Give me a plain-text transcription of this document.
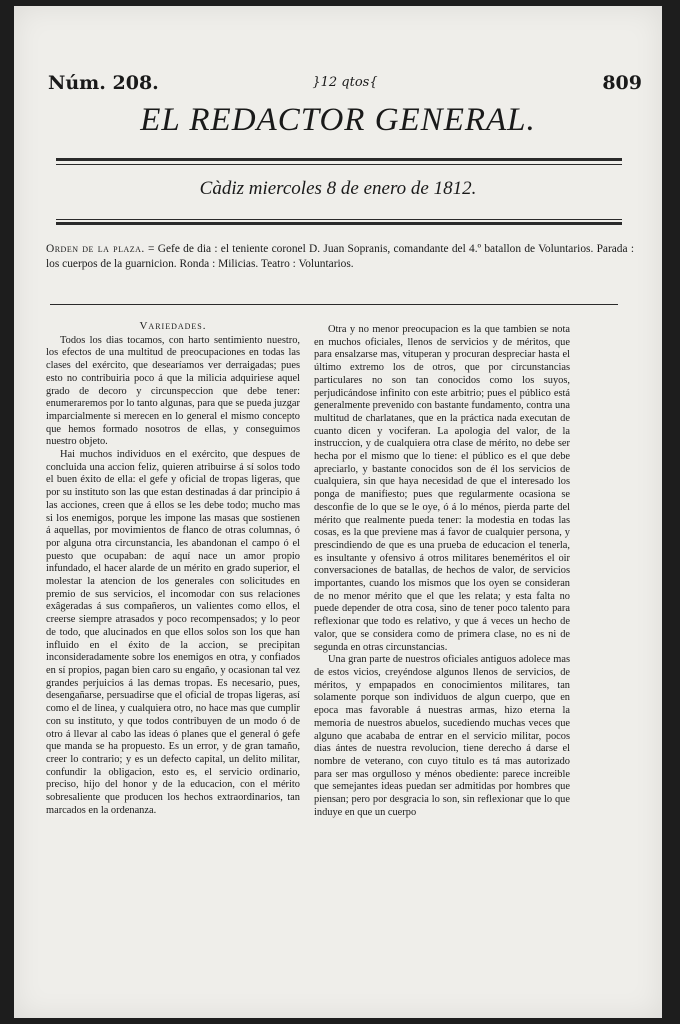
Núm. 208.	}12 qtos{	809
EL REDACTOR GENERAL.
Càdiz miercoles 8 de enero de 1812.
Orden de la plaza. = Gefe de dia : el teniente coronel D. Juan Sopranis, comandante del 4.º batallon de Voluntarios. Parada : los cuerpos de la guarnicion. Ronda : Milicias. Teatro : Voluntarios.
Variedades.

Todos los dias tocamos, con harto sentimiento nuestro, los efectos de una multitud de preocupaciones en todas las clases del exército, que desearíamos ver derraigadas; pues esto no contribuiria poco á que la milicia adquiriese aquel grado de decoro y circunspeccion que debe tener: enumeraremos por lo tanto algunas, para que se pueda juzgar imparcialmente si merecen en lo general el mismo concepto que hemos formado nosotros de ellas, y conseguimos nuestro objeto.

Hai muchos individuos en el exército, que despues de concluida una accion feliz, quieren atribuirse á sí solos todo el buen éxito de ella: el gefe y oficial de tropas ligeras, que por su instituto son las que estan destinadas á dar principio á las acciones, creen que á ellos se les debe todo; mucho mas si los enemigos, porque les impone las masas que sostienen á aquellas, por movimientos de flanco de otras columnas, ó por alguna otra circunstancia, les abandonan el campo ó el puesto que ocupaban: de aquí nace un amor propio infundado, el hacer alarde de un mérito en grado superior, el molestar la atencion de los generales con solicitudes en premio de sus servicios, el incomodar con sus relaciones exâgeradas á sus compañeros, un valientes como ellos, el creerse siempre atrasados y poco recompensados; y lo peor de todo, que alucinados en que ellos solos son los que han influido en el éxito de la accion, se precipitan inconsideradamente sobre los enemigos en otra, y confiados en sí propios, pagan bien caro su engaño, y ocasionan tal vez grandes perjuicios á las demas tropas. Es necesario, pues, desengañarse, persuadirse que el oficial de tropas ligeras, así como el de linea, y cualquiera otro, no hace mas que cumplir con su instituto, y que todos contribuyen de un modo ó de otro á llevar al cabo las ideas ó planes que el general ó gefe que manda se ha propuesto. Es un error, y de gran tamaño, creer lo contrario; y es un defecto capital, un delito militar, confundir la obligacion, esto es, el servicio ordinario, preciso, hijo del honor y de la educacion, con el mérito sobresaliente que producen los hechos extraordinarios, tan marcados en la ordenanza.

Otra y no menor preocupacion es la que tambien se nota en muchos oficiales, llenos de servicios y de méritos, que para ensalzarse mas, vituperan y procuran despreciar hasta el último extremo los de otros, que por circunstancias particulares no son tan conocidos como los suyos, perjudicándose infinito con este arbitrio; pues el público está generalmente prevenido con bastante fundamento, contra una multitud de charlatanes, que en la práctica nada executan de cuanto dicen y vociferan. La apologia del valor, de la instruccion, y de cualquiera otra clase de mérito, no debe ser hecha por el mismo que lo tiene: el público es el que debe apreciarlo, y bastante conocidos son de él los servicios de cualquiera, sin que haya necesidad de que el interesado los ponga de manifiesto; pues que regularmente ocasiona se desconfie de lo que se le oye, ó á lo ménos, pierda parte del mérito que realmente pueda tener: la modestia en todas las cosas, es la que previene mas á favor de cualquier persona, y prescindiendo de que es una prueba de educacion el tenerla, es insultante y ofensivo á otros militares beneméritos el oir conversaciones de batallas, de hechos de valor, de servicios importantes, cuando los mismos que los oyen se consideran de no menor mérito que el que les relata; y esta falta no puede depender de otra cosa, sino de tener poco talento para reflexionar que todo es relativo, y que á veces un hecho de valor, que se considera como de primera clase, no es ni de segunda en otras circunstancias.

Una gran parte de nuestros oficiales antiguos adolece mas de estos vicios, creyéndose algunos llenos de servicios, de méritos, y empapados en conocimientos militares, tan solamente porque son individuos de algun cuerpo, que en epoca mas favorable á nuestras armas, hizo eterna la memoria de nuestros abuelos, sucediendo muchas veces que alguno que acababa de entrar en el servicio militar, pocos dias ántes de nuestra revolucion, tiene derecho á darse el nombre de veterano, con cuyo titulo es tá mas autorizado para ser mas orgulloso y ménos obediente: parece increible que semejantes ideas puedan ser admitidas por hombres que piensan; pero por desgracia lo son, sin reflexionar que lo que induye en que un cuerpo
